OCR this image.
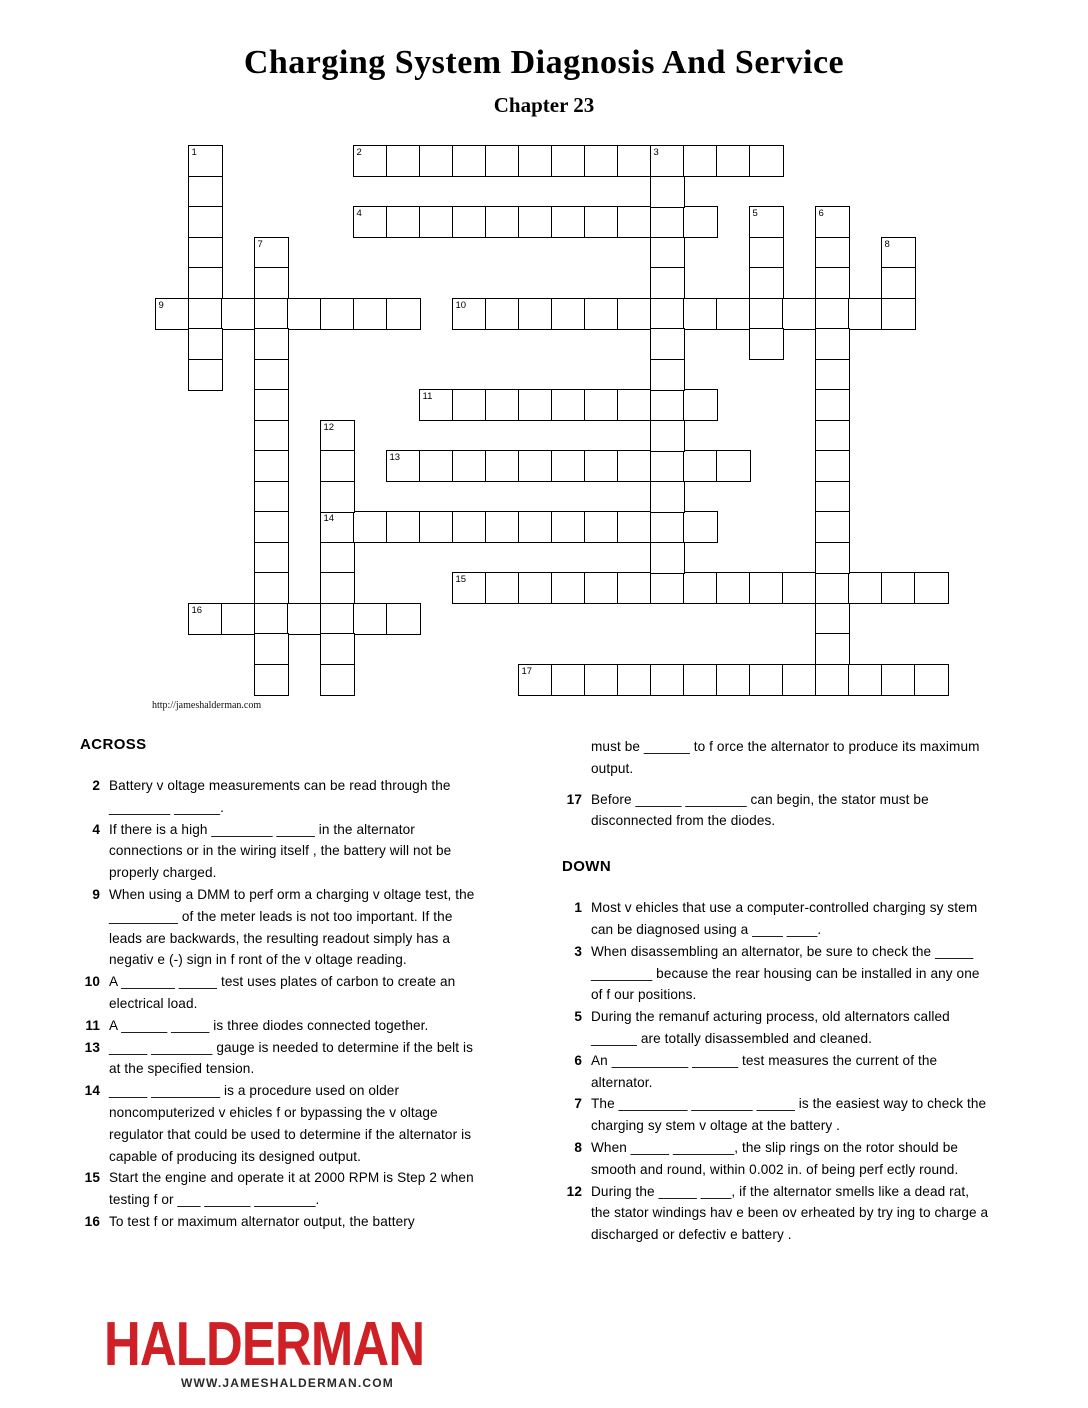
Charging System Diagnosis And Service
Chapter 23
1	2	3
4	5	6
7	8
9	10
11
12
13
14
15
16
17
http://jameshalderman.com
ACROSS
2 Battery v oltage measurements can be read through the ________ ______.
4 If there is a high ________ _____ in the alternator connections or in the wiring itself , the battery will not be properly charged.
9 When using a DMM to perf orm a charging v oltage test, the _________ of the meter leads is not too important. If the leads are backwards, the resulting readout simply has a negativ e (-) sign in f ront of the v oltage reading.
10 A _______ _____ test uses plates of carbon to create an electrical load.
11 A ______ _____ is three diodes connected together.
13 _____ ________ gauge is needed to determine if the belt is at the specified tension.
14 _____ _________ is a procedure used on older noncomputerized v ehicles f or bypassing the v oltage regulator that could be used to determine if the alternator is capable of producing its designed output.
15 Start the engine and operate it at 2000 RPM is Step 2 when testing f or ___ ______ ________.
16 To test f or maximum alternator output, the battery
must be ______ to f orce the alternator to produce its maximum output.
17 Before ______ ________ can begin, the stator must be disconnected from the diodes.
DOWN
1 Most v ehicles that use a computer-controlled charging sy stem can be diagnosed using a ____ ____.
3 When disassembling an alternator, be sure to check the _____ ________ because the rear housing can be installed in any one of f our positions.
5 During the remanuf acturing process, old alternators called ______ are totally disassembled and cleaned.
6 An __________ ______ test measures the current of the alternator.
7 The _________ ________ _____ is the easiest way to check the charging sy stem v oltage at the battery .
8 When _____ ________, the slip rings on the rotor should be smooth and round, within 0.002 in. of being perf ectly round.
12 During the _____ ____, if the alternator smells like a dead rat, the stator windings hav e been ov erheated by try ing to charge a discharged or defectiv e battery .
HALDERMAN
WWW.JAMESHALDERMAN.COM
